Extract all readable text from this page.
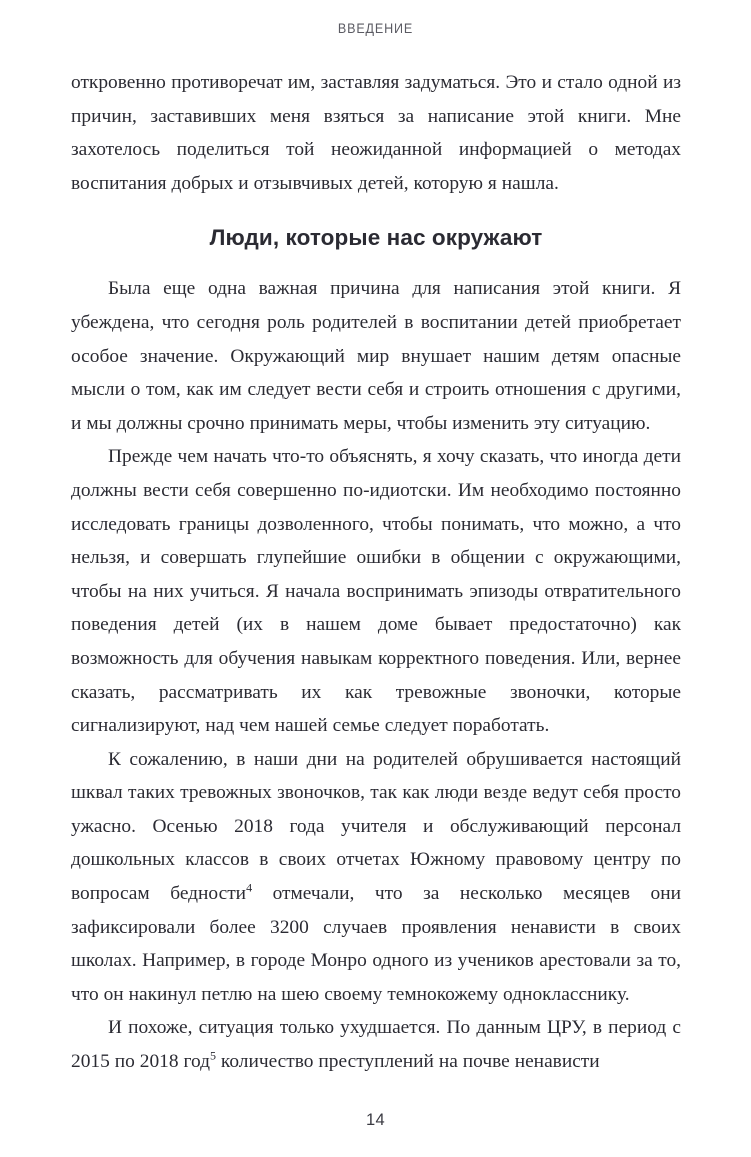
ВВЕДЕНИЕ

откровенно противоречат им, заставляя задуматься. Это и стало одной из причин, заставивших меня взяться за написание этой книги. Мне захотелось поделиться той неожиданной информацией о методах воспитания добрых и отзывчивых детей, которую я нашла.

Люди, которые нас окружают

Была еще одна важная причина для написания этой книги. Я убеждена, что сегодня роль родителей в воспитании детей приобретает особое значение. Окружающий мир внушает нашим детям опасные мысли о том, как им следует вести себя и строить отношения с другими, и мы должны срочно принимать меры, чтобы изменить эту ситуацию.

Прежде чем начать что-то объяснять, я хочу сказать, что иногда дети должны вести себя совершенно по-идиотски. Им необходимо постоянно исследовать границы дозволенного, чтобы понимать, что можно, а что нельзя, и совершать глупейшие ошибки в общении с окружающими, чтобы на них учиться. Я начала воспринимать эпизоды отвратительного поведения детей (их в нашем доме бывает предостаточно) как возможность для обучения навыкам корректного поведения. Или, вернее сказать, рассматривать их как тревожные звоночки, которые сигнализируют, над чем нашей семье следует поработать.

К сожалению, в наши дни на родителей обрушивается настоящий шквал таких тревожных звоночков, так как люди везде ведут себя просто ужасно. Осенью 2018 года учителя и обслуживающий персонал дошкольных классов в своих отчетах Южному правовому центру по вопросам бедности$^4$ отмечали, что за несколько месяцев они зафиксировали более 3200 случаев проявления ненависти в своих школах. Например, в городе Монро одного из учеников арестовали за то, что он накинул петлю на шею своему темнокожему однокласснику.

И похоже, ситуация только ухудшается. По данным ЦРУ, в период с 2015 по 2018 год$^5$ количество преступлений на почве ненависти

14
